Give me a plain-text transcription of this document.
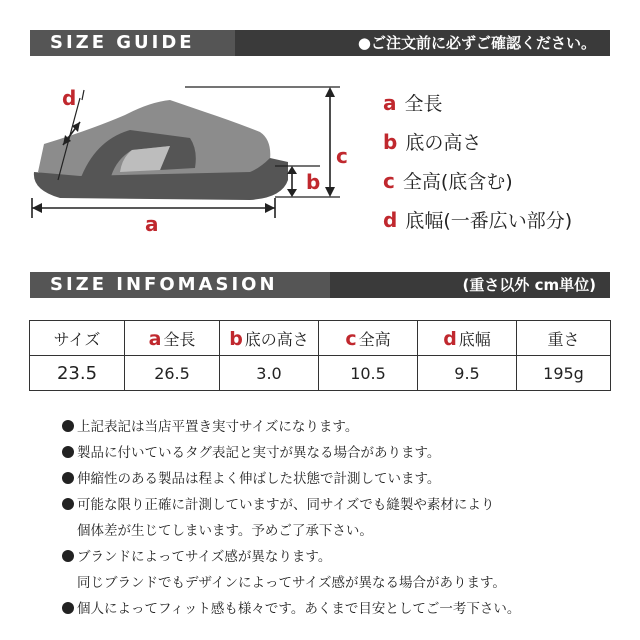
SIZE GUIDE	●ご注文前に必ずご確認ください。
a
b
c
d	a 全長
b 底の高さ
c 全高(底含む)
d 底幅(一番広い部分)
SIZE INFOMASION	(重さ以外 cm単位)
サイズ	a 全長	b 底の高さ	c 全高	d 底幅	重さ
23.5	26.5	3.0	10.5	9.5	195g
上記表記は当店平置き実寸サイズになります。
製品に付いているタグ表記と実寸が異なる場合があります。
伸縮性のある製品は程よく伸ばした状態で計測しています。
可能な限り正確に計測していますが、同サイズでも縫製や素材により
個体差が生じてしまいます。予めご了承下さい。
ブランドによってサイズ感が異なります。
同じブランドでもデザインによってサイズ感が異なる場合があります。
個人によってフィット感も様々です。あくまで目安としてご一考下さい。
